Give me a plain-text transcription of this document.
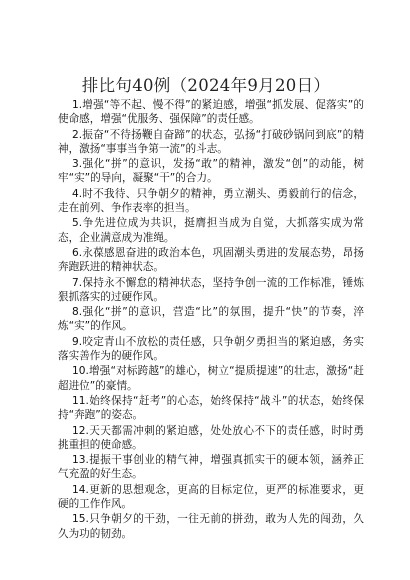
排比句40例（2024年9月20日）

1.增强“等不起、慢不得”的紧迫感，增强“抓发展、促落实”的使命感，增强“优服务、强保障”的责任感。

2.振奋“不待扬鞭自奋蹄”的状态，弘扬“打破砂锅问到底”的精神，激扬“事事当争第一流”的斗志。

3.强化“拼”的意识，发扬“敢”的精神，激发“创”的动能，树牢“实”的导向，凝聚“干”的合力。

4.时不我待、只争朝夕的精神，勇立潮头、勇毅前行的信念，走在前列、争作表率的担当。

5.争先进位成为共识，挺膺担当成为自觉，大抓落实成为常态，企业满意成为准绳。

6.永葆感恩奋进的政治本色，巩固潮头勇进的发展态势，昂扬奔跑跃进的精神状态。

7.保持永不懈怠的精神状态，坚持争创一流的工作标准，锤炼狠抓落实的过硬作风。

8.强化“拼”的意识，营造“比”的氛围，提升“快”的节奏，淬炼“实”的作风。

9.咬定青山不放松的责任感，只争朝夕勇担当的紧迫感，务实落实善作为的硬作风。

10.增强“对标跨越”的雄心，树立“提质提速”的壮志，激扬“赶超进位”的豪情。

11.始终保持“赶考”的心态，始终保持“战斗”的状态，始终保持“奔跑”的姿态。

12.天天都需冲刺的紧迫感，处处放心不下的责任感，时时勇挑重担的使命感。

13.提振干事创业的精气神，增强真抓实干的硬本领，涵养正气充盈的好生态。

14.更新的思想观念，更高的目标定位，更严的标准要求，更硬的工作作风。

15.只争朝夕的干劲，一往无前的拼劲，敢为人先的闯劲，久久为功的韧劲。
